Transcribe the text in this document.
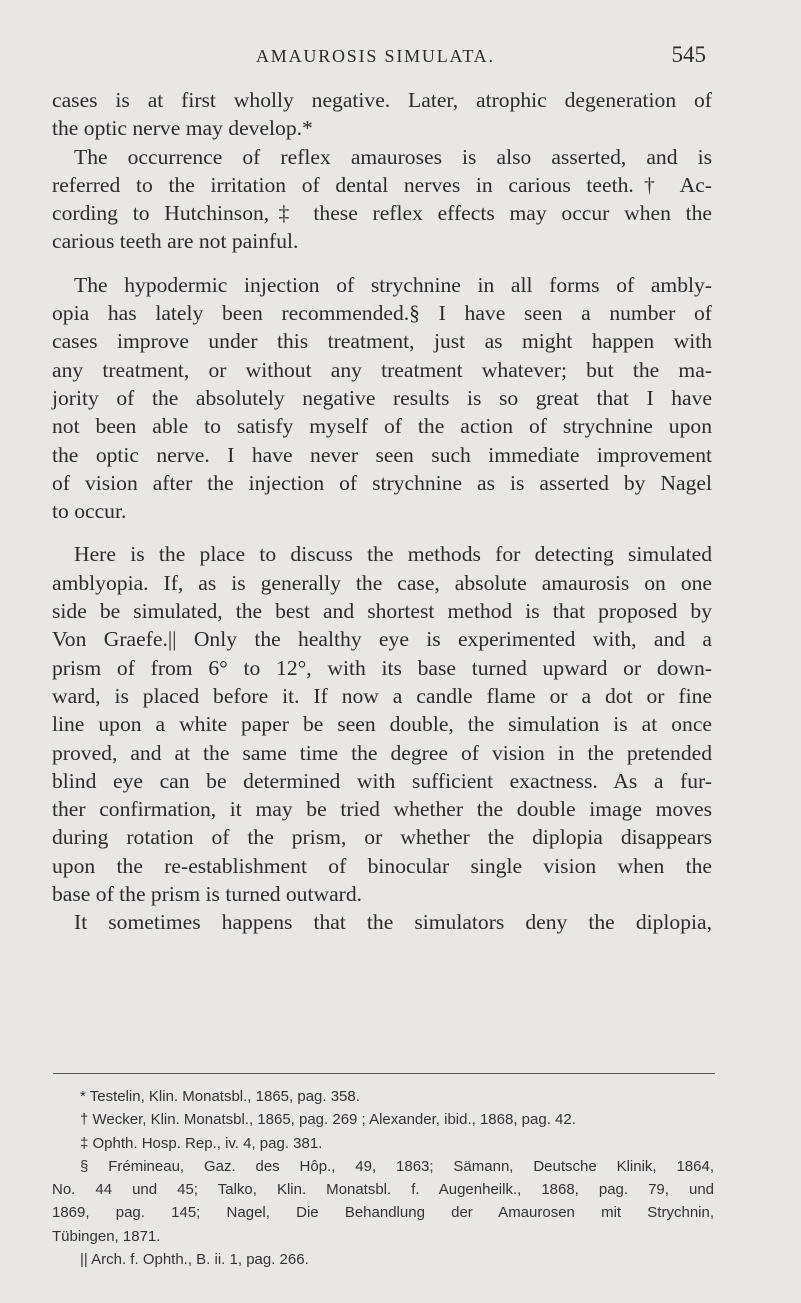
AMAUROSIS SIMULATA.	545
cases is at first wholly negative. Later, atrophic degeneration of
the optic nerve may develop.*
The occurrence of reflex amauroses is also asserted, and is
referred to the irritation of dental nerves in carious teeth.† Ac-
cording to Hutchinson,‡ these reflex effects may occur when the
carious teeth are not painful.
The hypodermic injection of strychnine in all forms of ambly-
opia has lately been recommended.§ I have seen a number of
cases improve under this treatment, just as might happen with
any treatment, or without any treatment whatever; but the ma-
jority of the absolutely negative results is so great that I have
not been able to satisfy myself of the action of strychnine upon
the optic nerve. I have never seen such immediate improvement
of vision after the injection of strychnine as is asserted by Nagel
to occur.
Here is the place to discuss the methods for detecting simulated
amblyopia. If, as is generally the case, absolute amaurosis on one
side be simulated, the best and shortest method is that proposed by
Von Graefe.|| Only the healthy eye is experimented with, and a
prism of from 6° to 12°, with its base turned upward or down-
ward, is placed before it. If now a candle flame or a dot or fine
line upon a white paper be seen double, the simulation is at once
proved, and at the same time the degree of vision in the pretended
blind eye can be determined with sufficient exactness. As a fur-
ther confirmation, it may be tried whether the double image moves
during rotation of the prism, or whether the diplopia disappears
upon the re-establishment of binocular single vision when the
base of the prism is turned outward.
It sometimes happens that the simulators deny the diplopia,
* Testelin, Klin. Monatsbl., 1865, pag. 358.
† Wecker, Klin. Monatsbl., 1865, pag. 269 ; Alexander, ibid., 1868, pag. 42.
‡ Ophth. Hosp. Rep., iv. 4, pag. 381.
§ Frémineau, Gaz. des Hôp., 49, 1863; Sämann, Deutsche Klinik, 1864,
No. 44 und 45; Talko, Klin. Monatsbl. f. Augenheilk., 1868, pag. 79, und
1869, pag. 145; Nagel, Die Behandlung der Amaurosen mit Strychnin,
Tübingen, 1871.
|| Arch. f. Ophth., B. ii. 1, pag. 266.
